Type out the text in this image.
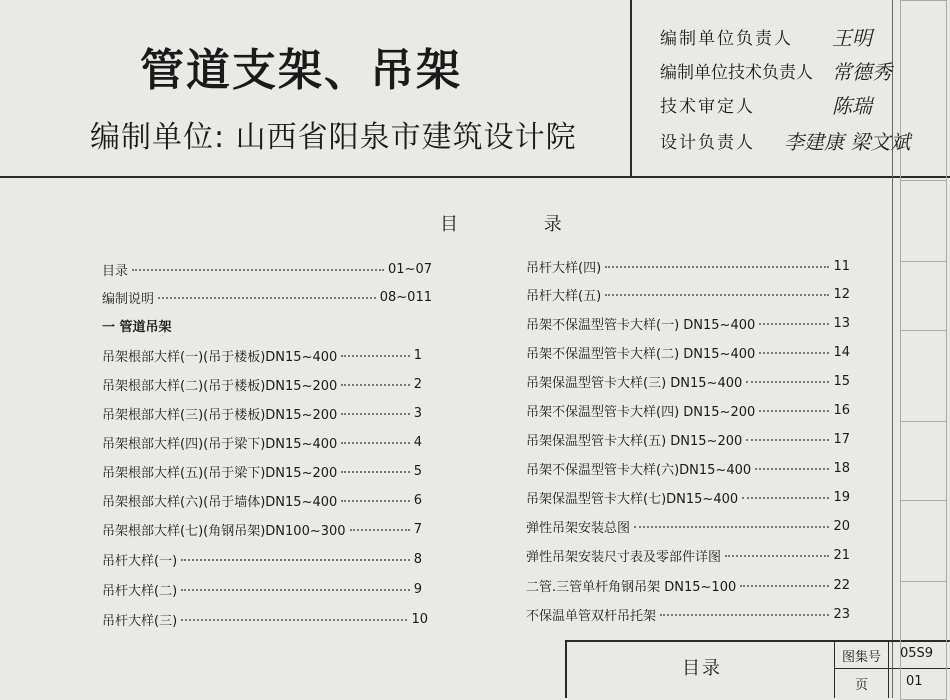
管道支架、吊架
编制单位: 山西省阳泉市建筑设计院
编制单位负责人 王明
编制单位技术负责人 常德秀
技术审定人	陈瑞
设计负责人 李建康 梁文斌
目 录
目录	01~07
编制说明	08~011
一 管道吊架
吊架根部大样(一)(吊于楼板)DN15~400	1
吊架根部大样(二)(吊于楼板)DN15~200	2
吊架根部大样(三)(吊于楼板)DN15~200	3
吊架根部大样(四)(吊于梁下)DN15~400	4
吊架根部大样(五)(吊于梁下)DN15~200	5
吊架根部大样(六)(吊于墙体)DN15~400	6
吊架根部大样(七)(角钢吊架)DN100~300	7
吊杆大样(一)	8
吊杆大样(二)	9
吊杆大样(三)	10
吊杆大样(四)	11
吊杆大样(五)	12
吊架不保温型管卡大样(一) DN15~400	13
吊架不保温型管卡大样(二) DN15~400	14
吊架保温型管卡大样(三) DN15~400	15
吊架不保温型管卡大样(四) DN15~200	16
吊架保温型管卡大样(五) DN15~200	17
吊架不保温型管卡大样(六)DN15~400	18
吊架保温型管卡大样(七)DN15~400	19
弹性吊架安装总图	20
弹性吊架安装尺寸表及零部件详图	21
二管.三管单杆角钢吊架 DN15~100	22
不保温单管双杆吊托架	23
目录
图集号 05S9
页	01
